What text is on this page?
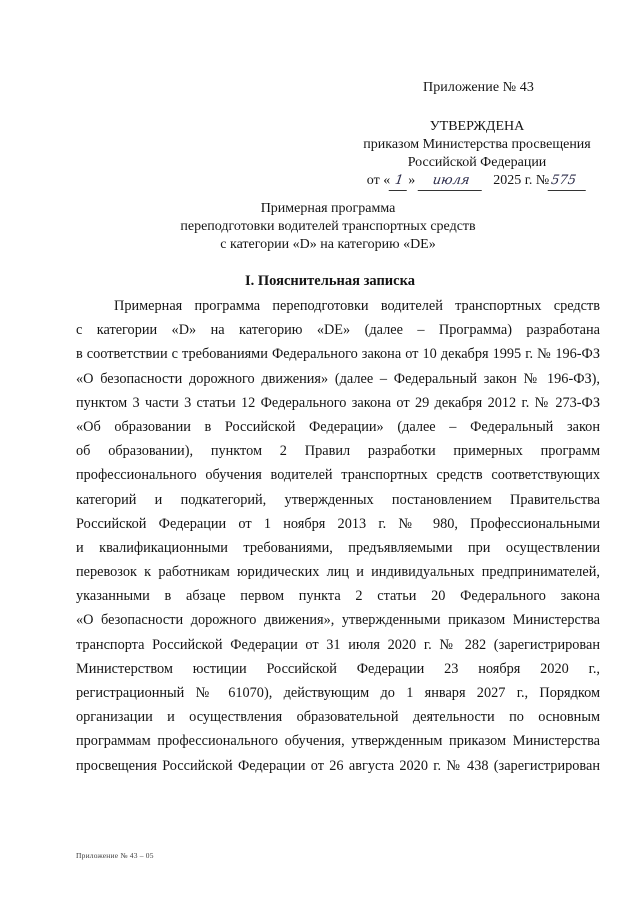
Приложение № 43
УТВЕРЖДЕНА
приказом Министерства просвещения
Российской Федерации
от « 1 »	июля	2025 г. № 575
Примерная программа
переподготовки водителей транспортных средств
с категории «D» на категорию «DE»
I. Пояснительная записка
Примерная программа переподготовки водителей транспортных средств
с категории «D» на категорию «DE» (далее – Программа) разработана
в соответствии с требованиями Федерального закона от 10 декабря 1995 г. № 196-ФЗ
«О безопасности дорожного движения» (далее – Федеральный закон № 196-ФЗ),
пунктом 3 части 3 статьи 12 Федерального закона от 29 декабря 2012 г. № 273-ФЗ
«Об образовании в Российской Федерации» (далее – Федеральный закон
об образовании), пунктом 2 Правил разработки примерных программ
профессионального обучения водителей транспортных средств соответствующих
категорий и подкатегорий, утвержденных постановлением Правительства
Российской Федерации от 1 ноября 2013 г. № 980, Профессиональными
и квалификационными требованиями, предъявляемыми при осуществлении
перевозок к работникам юридических лиц и индивидуальных предпринимателей,
указанными в абзаце первом пункта 2 статьи 20 Федерального закона
«О безопасности дорожного движения», утвержденными приказом Министерства
транспорта Российской Федерации от 31 июля 2020 г. № 282 (зарегистрирован
Министерством юстиции Российской Федерации 23 ноября 2020 г.,
регистрационный № 61070), действующим до 1 января 2027 г., Порядком
организации и осуществления образовательной деятельности по основным
программам профессионального обучения, утвержденным приказом Министерства
просвещения Российской Федерации от 26 августа 2020 г. № 438 (зарегистрирован
Приложение № 43 – 05
